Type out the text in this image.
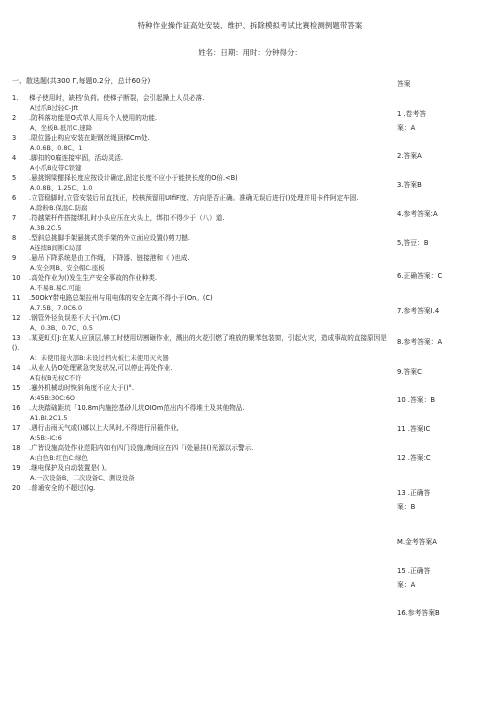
特种作业操作证高处安装、维护、拆除模拟考试比赛检测例题带答案
姓名：日期：用时：分钟得分：
一、散选题(共300 Γ,每题0.2分，总计60分)
1. 梯子使用时，缺档'负荷。使梯子断裂，会引起操上人员必落.
A过爪B过轻C-Jft
2 .防科落功能是O式单人用兵个人使用的功能.
A、坐板B.抵吊C.速降
3 .限位器止构应安装在距钢丝绳顶梯Cm处.
A.0.6B、0.8C、1
4 .脚扣的0雇连接牢固，活动灵活.
A小爪B皮带C铁键
5 .悬挑钢梁酣择长度应按设计确定,固定长度不应小于能挟长度的O倍.<B)
A.0.8B、1.25C、1.0
6 .立管稳脚时,立管安装后吊直找正，校核预留用UIfiF度、方向是否正确。准确无误后进行()处理并用卡件阿定车固.
A.除粉B.保温C.防腐
7 .符越架杆件搭接绑扎时小头应压在火头上，绑扣不得少于（八）道.
A.3B.2C.5
8 .型斜总挑脚手架悬挑式货手架的外立面应设置()剪刀撼.
A连续B间断C局部
9 .悬吊下降系统是由工作绳，下降器、链接港和《 )也成.
A.安全网B、安全帽C.座板
10 .高处作业为()发生生产安全事故的作业种类.
A.不易B.易C.可能
11 .50OkY带电路总架拉州与用电体的安全左离不得小于(On。(C)
A.7.5B、7.0C6.0
12 .钢管外径负误差不大于()m.(C)
A、0.3B、0.7C、0.5
13 .某更虹灯J:在某人应顶层,够工时使用切割砸作业，溅出的火花引燃了堆放的聚苯包装窗，引起火灾，造成事故的直接原因是().
A：未使用接火部B:未设过档火板仁未使用灭火器
14 .从业人仍O处理紧急突发状况,可以停止再处作业.
A有权B无权C不许
15 .蹇外机械动时恢斜角度不应大于()°.
A:45B:30C:6O
16 .大块踏础距坑「10.8m内施挖基砂儿坑OIOm范出内不得堆土及其他物品.
A1.BI.2C1.5
17 .遇行击雨天气或()娜以上大风时,不得进行吊箍作业,
A:5B:-iC:6
18 .广皆设施高处作业范阳内如有四门设施,晚间应在四「i处悬挂()光源以示警示.
A:白色B:红色C:绿色
19 .继电保护及自动装置是( )。
A.一次设备B、二次设备C、测设设备
20 .普通安全的不超过()g.
答案
1 .卷考答
案：A
2.答案A
3.答案B
4.参考答案:A
5,答豆：B
6.正确答案：C
7.参考答案I.4
8.参考答案：A
9.答案C
10 .答案：B
11 .答案IC
12 .答案:C
13 .正确答
案：B
M.金考答案A
15 .正确答
案：A
16.参考答案B
